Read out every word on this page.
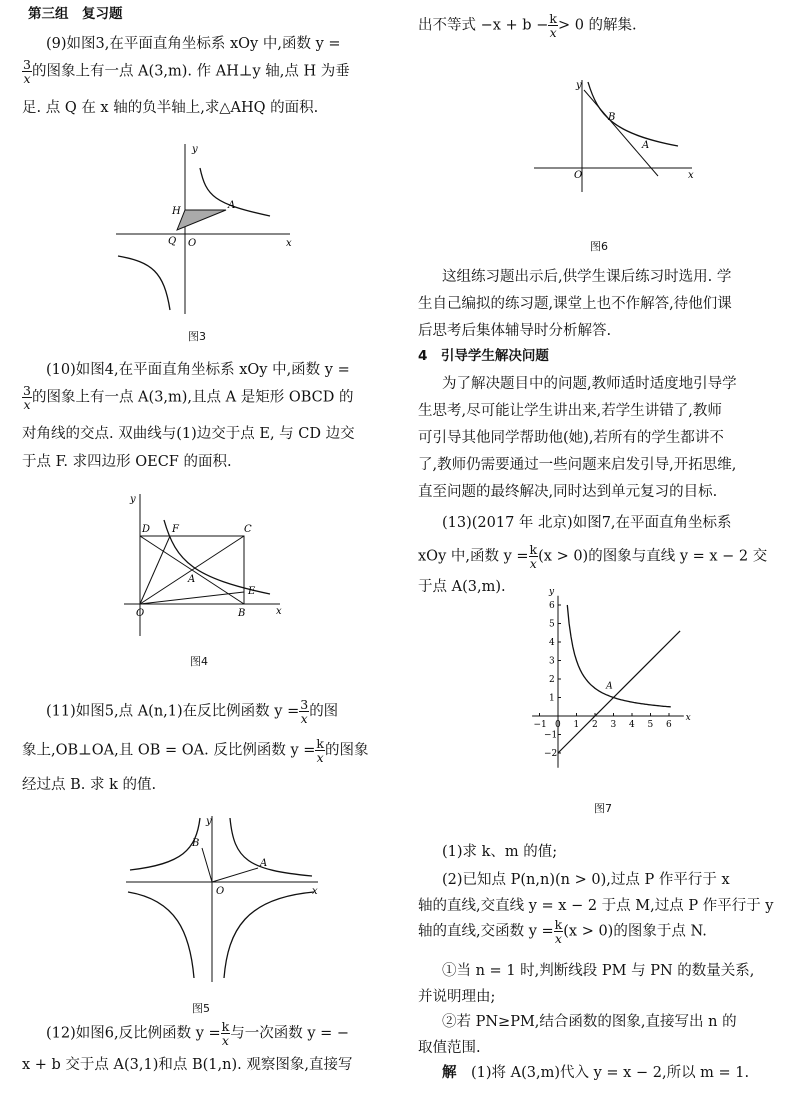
第三组　复习题
(9)如图3,在平面直角坐标系 xOy 中,函数 y =
$\frac{3}{x}$ 的图象上有一点 A(3,m). 作 AH⊥y 轴,点 H 为垂
足. 点 Q 在 x 轴的负半轴上,求△AHQ 的面积.
y
x
O
H
A
Q
图3
(10)如图4,在平面直角坐标系 xOy 中,函数 y =
$\frac{3}{x}$ 的图象上有一点 A(3,m),且点 A 是矩形 OBCD 的
对角线的交点. 双曲线与(1)边交于点 E, 与 CD 边交
于点 F. 求四边形 OECF 的面积.
y
x
O
D F	C
A
E
B
图4
(11)如图5,点 A(n,1)在反比例函数 $y = \frac{3}{x}$ 的图
象上,OB⊥OA,且 OB = OA. 反比例函数 $y = \frac{k}{x}$ 的图象
经过点 B. 求 k 的值.
y
x
O
A
B
图5
(12)如图6,反比例函数 $y = \frac{k}{x}$ 与一次函数 y = −
x + b 交于点 A(3,1)和点 B(1,n). 观察图象,直接写
出不等式 $-x + b - \frac{k}{x} > 0$ 的解集.
y
x
O
B
A
图6
这组练习题出示后,供学生课后练习时选用. 学
生自己编拟的练习题,课堂上也不作解答,待他们课
后思考后集体辅导时分析解答.
4　引导学生解决问题
为了解决题目中的问题,教师适时适度地引导学
生思考,尽可能让学生讲出来,若学生讲错了,教师
可引导其他同学帮助他(她),若所有的学生都讲不
了,教师仍需要通过一些问题来启发引导,开拓思维,
直至问题的最终解决,同时达到单元复习的目标.
(13)(2017 年 北京)如图7,在平面直角坐标系
xOy 中,函数 $y = \frac{k}{x} (x > 0)$的图象与直线 y = x − 2 交
于点 A(3,m).
−1 0 1 2 3 4 5 6
6
5
4
3
2
1
−1
−2
y
x
A
图7
(1)求 k、m 的值;
(2)已知点 P(n,n)(n > 0),过点 P 作平行于 x
轴的直线,交直线 y = x − 2 于点 M,过点 P 作平行于 y
轴的直线,交函数 $y = \frac{k}{x} (x > 0)$的图象于点 N.
①当 n = 1 时,判断线段 PM 与 PN 的数量关系,
并说明理由;
②若 PN≥PM,结合函数的图象,直接写出 n 的
取值范围.
解　 (1)将 A(3,m)代入 y = x − 2,所以 m = 1.
